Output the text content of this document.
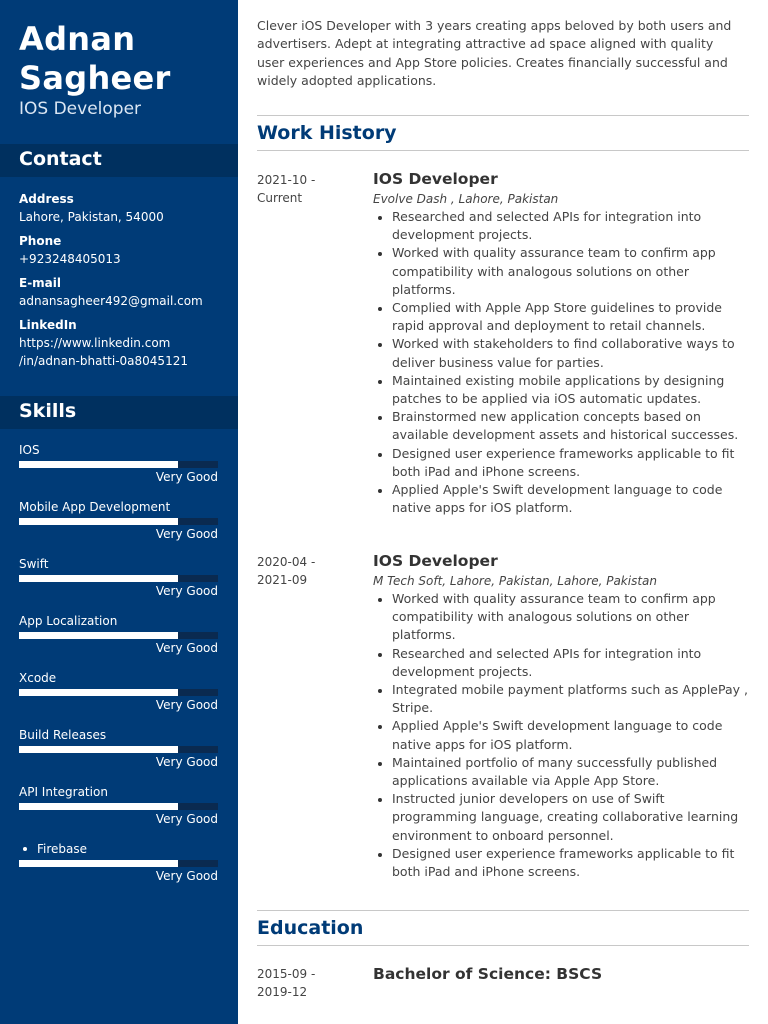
Adnan
Sagheer
IOS Developer
Contact
Address
Lahore, Pakistan, 54000
Phone
+923248405013
E-mail
adnansagheer492@gmail.com
LinkedIn
https://www.linkedin.com
/in/adnan-bhatti-0a8045121
Skills
IOS
Very Good
Mobile App Development
Very Good
Swift
Very Good
App Localization
Very Good
Xcode
Very Good
Build Releases
Very Good
API Integration
Very Good
Firebase
Very Good
Clever iOS Developer with 3 years creating apps beloved by both users and advertisers. Adept at integrating attractive ad space aligned with quality user experiences and App Store policies. Creates financially successful and widely adopted applications.
Work History
2021-10 -
Current
IOS Developer
Evolve Dash , Lahore, Pakistan
Researched and selected APIs for integration into development projects.
Worked with quality assurance team to confirm app compatibility with analogous solutions on other platforms.
Complied with Apple App Store guidelines to provide rapid approval and deployment to retail channels.
Worked with stakeholders to find collaborative ways to deliver business value for parties.
Maintained existing mobile applications by designing patches to be applied via iOS automatic updates.
Brainstormed new application concepts based on available development assets and historical successes.
Designed user experience frameworks applicable to fit both iPad and iPhone screens.
Applied Apple's Swift development language to code native apps for iOS platform.
2020-04 -
2021-09
IOS Developer
M Tech Soft, Lahore, Pakistan, Lahore, Pakistan
Worked with quality assurance team to confirm app compatibility with analogous solutions on other platforms.
Researched and selected APIs for integration into development projects.
Integrated mobile payment platforms such as ApplePay , Stripe.
Applied Apple's Swift development language to code native apps for iOS platform.
Maintained portfolio of many successfully published applications available via Apple App Store.
Instructed junior developers on use of Swift programming language, creating collaborative learning environment to onboard personnel.
Designed user experience frameworks applicable to fit both iPad and iPhone screens.
Education
2015-09 -
2019-12
Bachelor of Science: BSCS
